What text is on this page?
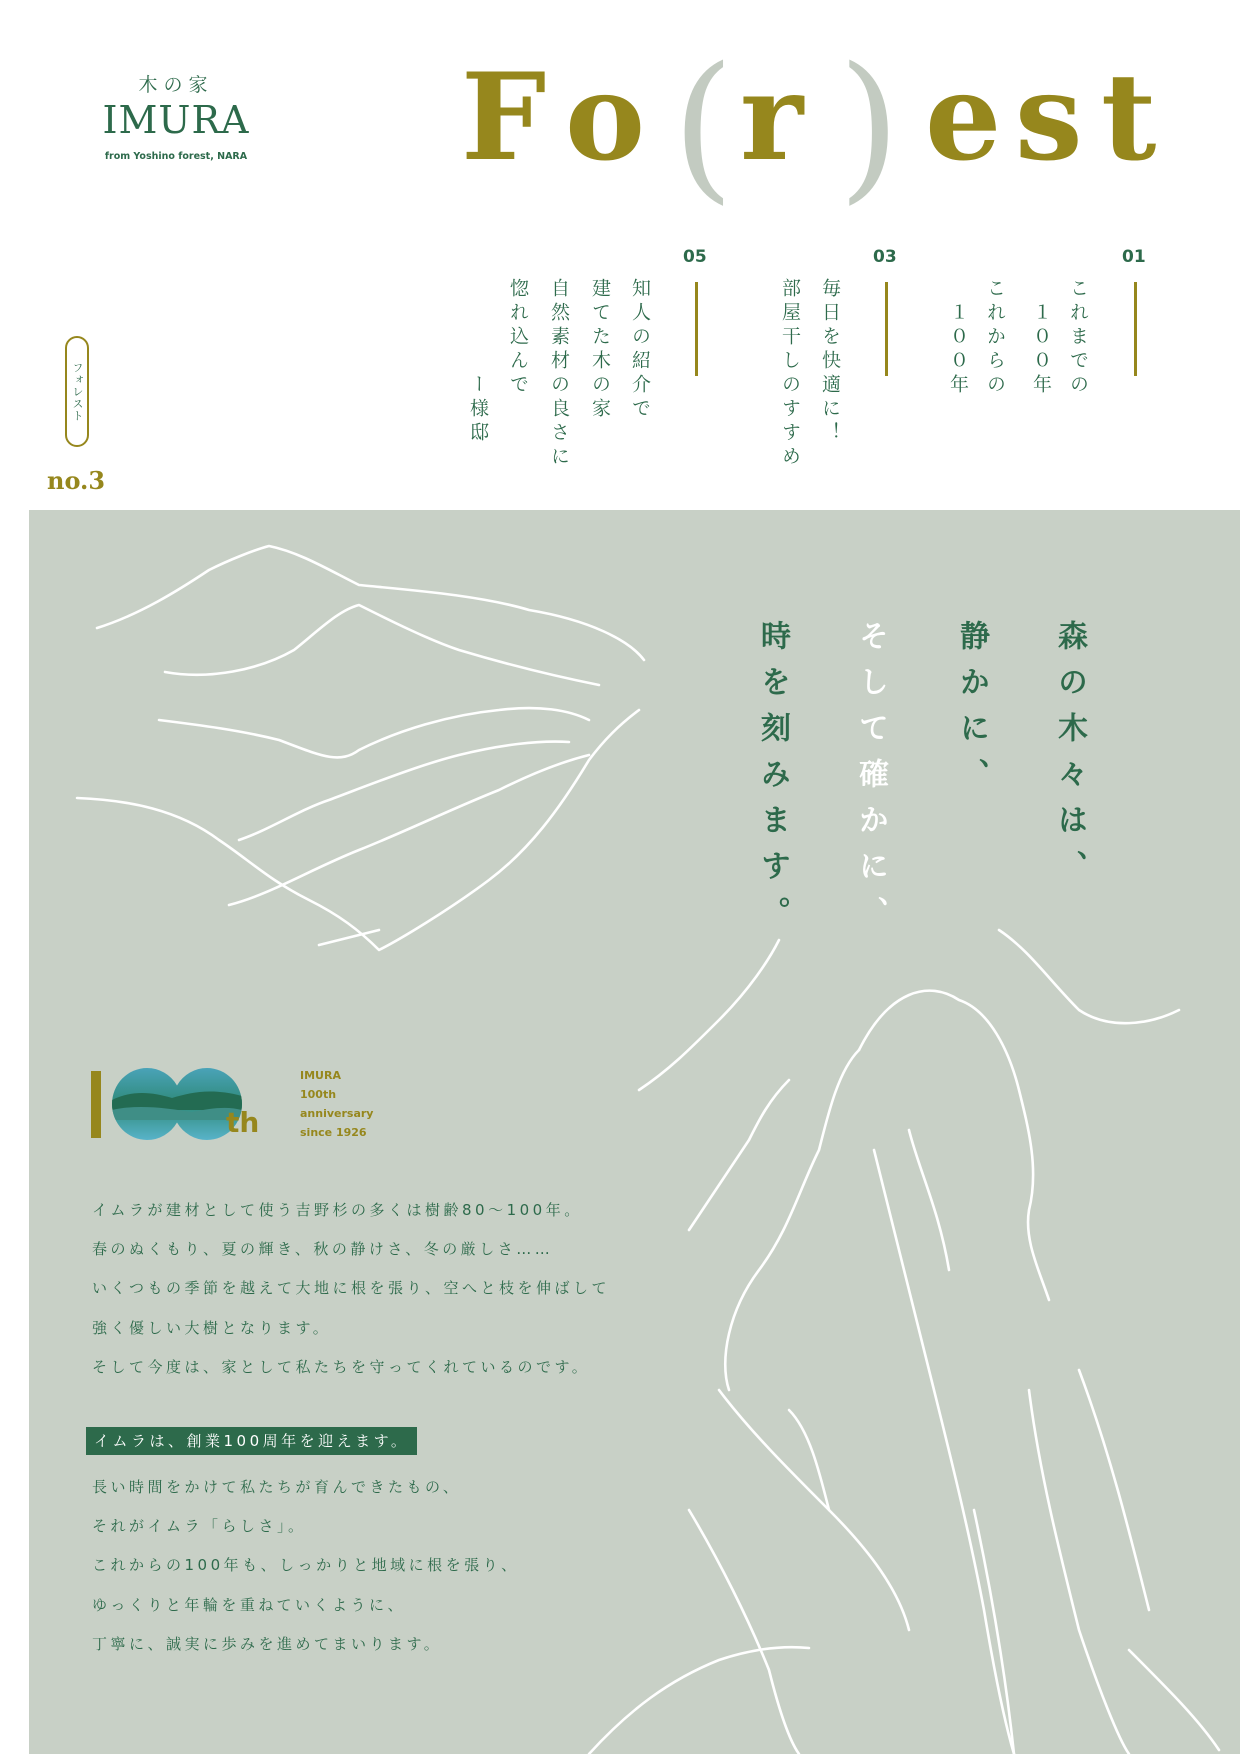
木の家
IMURA
from Yoshino forest, NARA F o ( r ) e s t
01
これまでの
　１００年
これからの
　１００年
03
毎日を快適に！
部屋干しのすすめ
05
知人の紹介で
建てた木の家
自然素材の良さに
惚れ込んで
　　　　ー様邸
フォレスト
no.3
森の木々は、
静かに、
そして確かに、
時を刻みます。
th
IMURA
100th
anniversary
since 1926
イムラが建材として使う吉野杉の多くは樹齢80～100年。
春のぬくもり、夏の輝き、秋の静けさ、冬の厳しさ……
いくつもの季節を越えて大地に根を張り、空へと枝を伸ばして
強く優しい大樹となります。
そして今度は、家として私たちを守ってくれているのです。
イムラは、創業100周年を迎えます。
長い時間をかけて私たちが育んできたもの、
それがイムラ「らしさ」。
これからの100年も、しっかりと地域に根を張り、
ゆっくりと年輪を重ねていくように、
丁寧に、誠実に歩みを進めてまいります。
